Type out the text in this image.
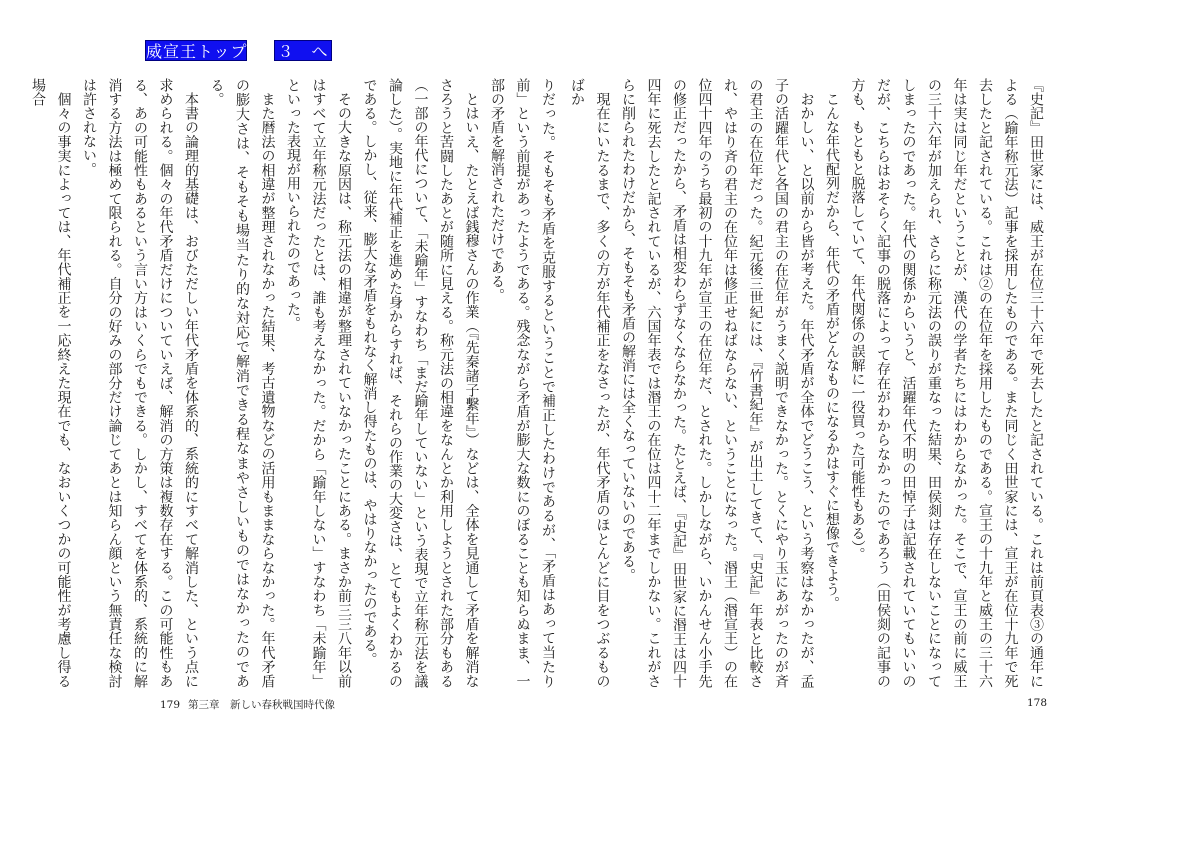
威宣王トップ ３　へ

『史記』田世家には、威王が在位三十六年で死去したと記されている。これは前頁表③の通年による（踰年称元法）記事を採用したものである。また同じく田世家には、宣王が在位十九年で死去したと記されている。これは②の在位年を採用したものである。宣王の十九年と威王の三十六年は実は同じ年だということが、漢代の学者たちにはわからなかった。そこで、宣王の前に威王の三十六年が加えられ、さらに称元法の誤りが重なった結果、田侯剡は存在しないことになってしまったのであった。年代の関係からいうと、活躍年代不明の田悼子は記載されていてもいいのだが、こちらはおそらく記事の脱落によって存在がわからなかったのであろう（田侯剡の記事の方も、もともと脱落していて、年代関係の誤解に一役買った可能性もある）。

こんな年代配列だから、年代の矛盾がどんなものになるかはすぐに想像できよう。

おかしい、と以前から皆が考えた。年代矛盾が全体でどうこう、という考察はなかったが、孟子の活躍年代と各国の君主の在位年がうまく説明できなかった。とくにやり玉にあがったのが斉の君主の在位年だった。紀元後三世紀には、『竹書紀年』が出土してきて、『史記』年表と比較され、やはり斉の君主の在位年は修正せねばならない、ということになった。湣王（湣宣王）の在位四十四年のうち最初の十九年が宣王の在位年だ、とされた。しかしながら、いかんせん小手先の修正だったから、矛盾は相変わらずなくならなかった。たとえば、『史記』田世家に湣王は四十四年に死去したと記されているが、六国年表では湣王の在位は四十二年までしかない。これがさらに削られたわけだから、そもそも矛盾の解消には全くなっていないのである。

現在にいたるまで、多くの方が年代補正をなさったが、年代矛盾のほとんどに目をつぶるものばか

りだった。そもそも矛盾を克服するということで補正したわけであるが、「矛盾はあって当たり前」という前提があったようである。残念ながら矛盾が膨大な数にのぼることも知らぬまま、一部の矛盾を解消されただけである。

とはいえ、たとえば銭穆さんの作業（『先秦諸子繫年』）などは、全体を見通して矛盾を解消なさろうと苦闘したあとが随所に見える。称元法の相違をなんとか利用しようとされた部分もある（一部の年代について、「未踰年」すなわち「まだ踰年していない」という表現で立年称元法を議論した）。実地に年代補正を進めた身からすれば、それらの作業の大変さは、とてもよくわかるのである。しかし、従来、膨大な矛盾をもれなく解消し得たものは、やはりなかったのである。

その大きな原因は、称元法の相違が整理されていなかったことにある。まさか前三三八年以前はすべて立年称元法だったとは、誰も考えなかった。だから「踰年しない」すなわち「未踰年」といった表現が用いられたのであった。

また暦法の相違が整理されなかった結果、考古遺物などの活用もままならなかった。年代矛盾の膨大さは、そもそも場当たり的な対応で解消できる程なまやさしいものではなかったのである。

本書の論理的基礎は、おびただしい年代矛盾を体系的、系統的にすべて解消した、という点に求められる。個々の年代矛盾だけについていえば、解消の方策は複数存在する。この可能性もある、あの可能性もあるという言い方はいくらでもできる。しかし、すべてを体系的、系統的に解消する方法は極めて限られる。自分の好みの部分だけ論じてあとは知らん顔という無責任な検討は許されない。

個々の事実によっては、年代補正を一応終えた現在でも、なおいくつかの可能性が考慮し得る場合

179 第三章　新しい春秋戦国時代像	178
